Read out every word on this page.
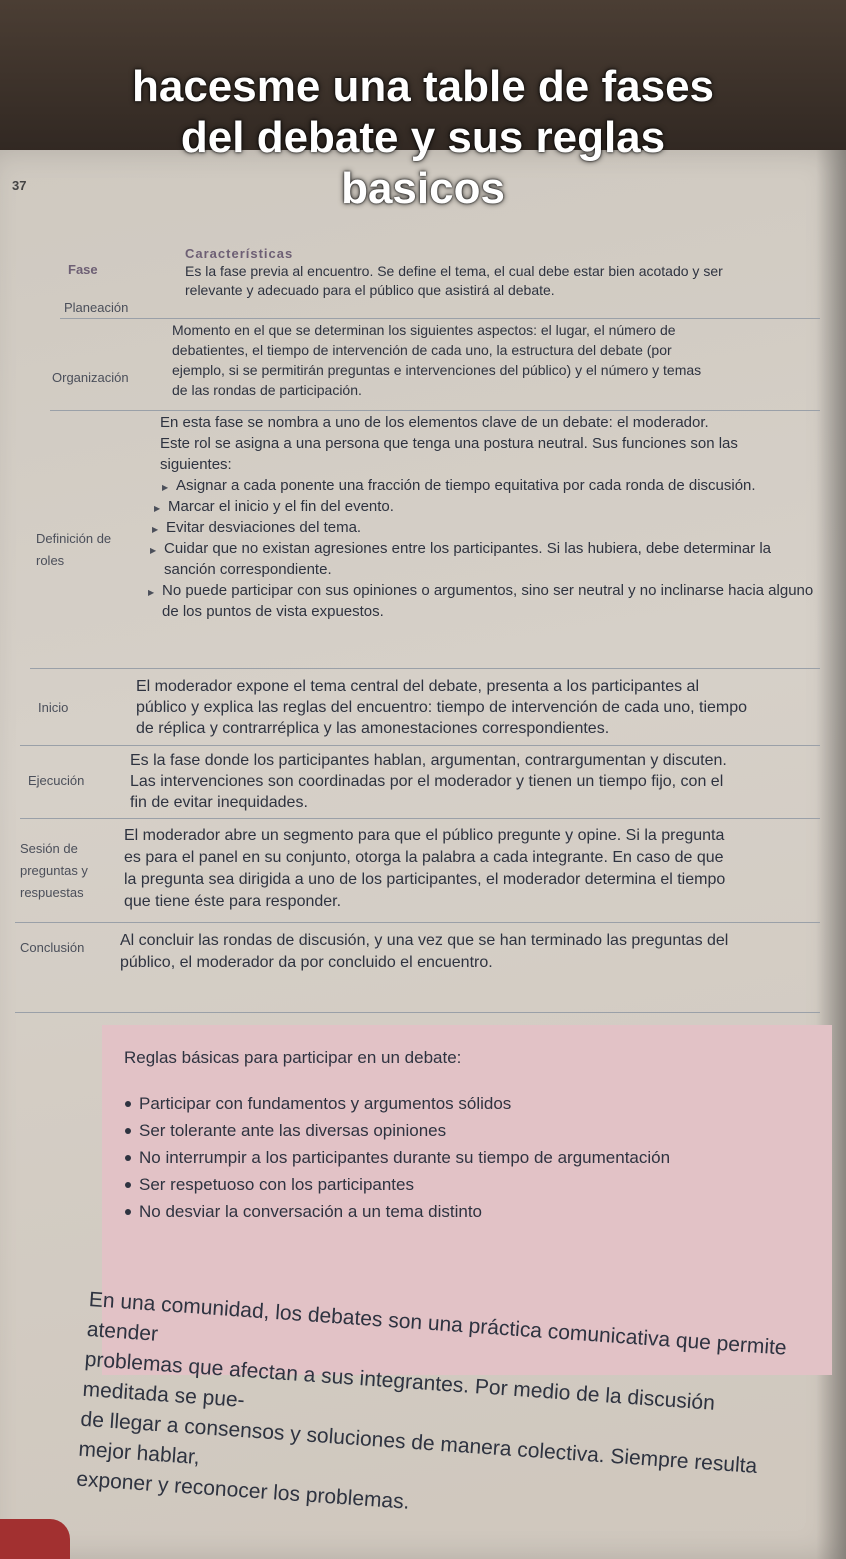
hacesme una table de fases
del debate y sus reglas
basicos
37
Fase
Características
Planeación

Es la fase previa al encuentro. Se define el tema, el cual debe estar bien acotado y ser

relevante y adecuado para el público que asistirá al debate.

Organización

Momento en el que se determinan los siguientes aspectos: el lugar, el número de

debatientes, el tiempo de intervención de cada uno, la estructura del debate (por

ejemplo, si se permitirán preguntas e intervenciones del público) y el número y temas

de las rondas de participación.

Definición de roles

En esta fase se nombra a uno de los elementos clave de un debate: el moderador.

Este rol se asigna a una persona que tenga una postura neutral. Sus funciones son las

siguientes:

▶ Asignar a cada ponente una fracción de tiempo equitativa por cada ronda de discusión.

▶ Marcar el inicio y el fin del evento.

▶ Evitar desviaciones del tema.

▶ Cuidar que no existan agresiones entre los participantes. Si las hubiera, debe determinar la sanción correspondiente.

▶ No puede participar con sus opiniones o argumentos, sino ser neutral y no inclinarse hacia alguno de los puntos de vista expuestos.

Inicio

El moderador expone el tema central del debate, presenta a los participantes al

público y explica las reglas del encuentro: tiempo de intervención de cada uno, tiempo

de réplica y contrarréplica y las amonestaciones correspondientes.

Ejecución

Es la fase donde los participantes hablan, argumentan, contrargumentan y discuten.

Las intervenciones son coordinadas por el moderador y tienen un tiempo fijo, con el

fin de evitar inequidades.

Sesión de preguntas y respuestas

El moderador abre un segmento para que el público pregunte y opine. Si la pregunta

es para el panel en su conjunto, otorga la palabra a cada integrante. En caso de que

la pregunta sea dirigida a uno de los participantes, el moderador determina el tiempo

que tiene éste para responder.

Conclusión Al concluir las rondas de discusión, y una vez que se han terminado las preguntas del

público, el moderador da por concluido el encuentro.

Reglas básicas para participar en un debate:
Participar con fundamentos y argumentos sólidos
Ser tolerante ante las diversas opiniones
No interrumpir a los participantes durante su tiempo de argumentación
Ser respetuoso con los participantes
No desviar la conversación a un tema distinto

En una comunidad, los debates son una práctica comunicativa que permite atender

problemas que afectan a sus integrantes. Por medio de la discusión meditada se pue-

de llegar a consensos y soluciones de manera colectiva. Siempre resulta mejor hablar,

exponer y reconocer los problemas.
